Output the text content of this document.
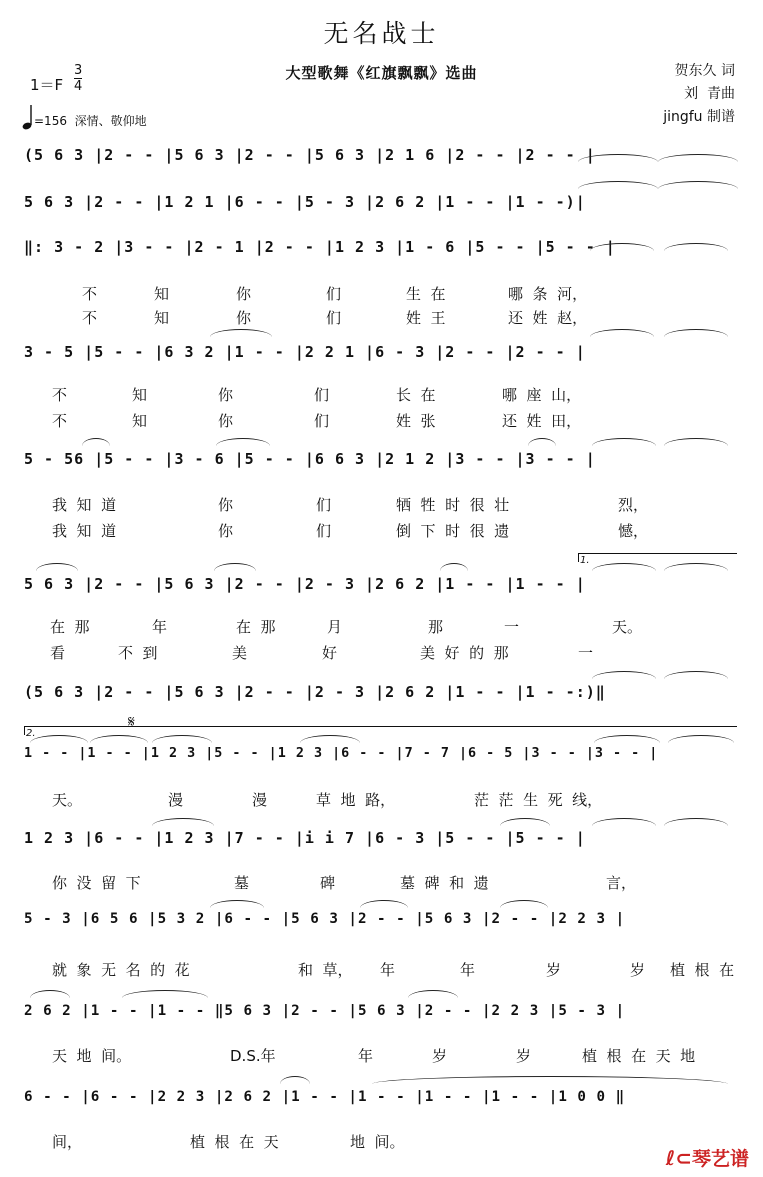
无名战士
大型歌舞《红旗飘飘》选曲
$1=F \frac{3}{4}$
=156  深情、敬仰地
贺东久 词
刘  青曲
jingfu 制谱
(5 6 3 |2 - - |5 6 3 |2 - - |5 6 3 |2 1 6 |2 - - |2 - - |
5 6 3 |2 - - |1 2 1 |6 - - |5 - 3 |2 6 2 |1 - - |1 - -)|
‖: 3 - 2 |3 - - |2 - 1 |2 - - |1 2 3 |1 - 6 |5 - - |5 - - |
3 - 5 |5 - - |6 3 2 |1 - - |2 2 1 |6 - 3 |2 - - |2 - - |
5 - 56 |5 - - |3 - 6 |5 - - |6 6 3 |2 1 2 |3 - - |3 - - |
5 6 3 |2 - - |5 6 3 |2 - - |2 - 3 |2 6 2 |1 - - |1 - - |
(5 6 3 |2 - - |5 6 3 |2 - - |2 - 3 |2 6 2 |1 - - |1 - -:)‖
1 - - |1 - - |1 2 3 |5 - - |1 2 3 |6 - - |7 - 7 |6 - 5 |3 - - |3 - - |
1 2 3 |6 - - |1 2 3 |7 - - |i i 7 |6 - 3 |5 - - |5 - - |
5 - 3 |6 5 6 |5 3 2 |6 - - |5 6 3 |2 - - |5 6 3 |2 - - |2 2 3 |
2 6 2 |1 - - |1 - - ‖5 6 3 |2 - - |5 6 3 |2 - - |2 2 3 |5 - 3 |
6 - - |6 - - |2 2 3 |2 6 2 |1 - - |1 - - |1 - - |1 - - |1 0 0 ‖
不	知	你	们	生  在	哪  条  河，
不	知	你	们	姓  王	还  姓  赵，
不	知	你	们	长  在	哪  座  山，
不	知	你	们	姓  张	还  姓  田，
我  知  道	你	们	牺  牲  时  很  壮	烈，
我  知  道	你	们	倒  下  时  很  遗	憾，
在  那	年	在  那	月	那	一	天。
看	不  到	美	好	美  好  的  那	一
天。	漫	漫	草  地  路，	茫  茫  生  死  线，
你  没  留  下	墓	碑	墓  碑  和  遗	言，
就  象  无  名  的  花	和  草， 年	年	岁	岁 植  根  在
天  地  间。	D.S.年	年	岁	岁	植  根  在  天  地
间，	植  根  在  天	地  间。
1.
2.
𝄋
ℓ⊂琴艺谱
